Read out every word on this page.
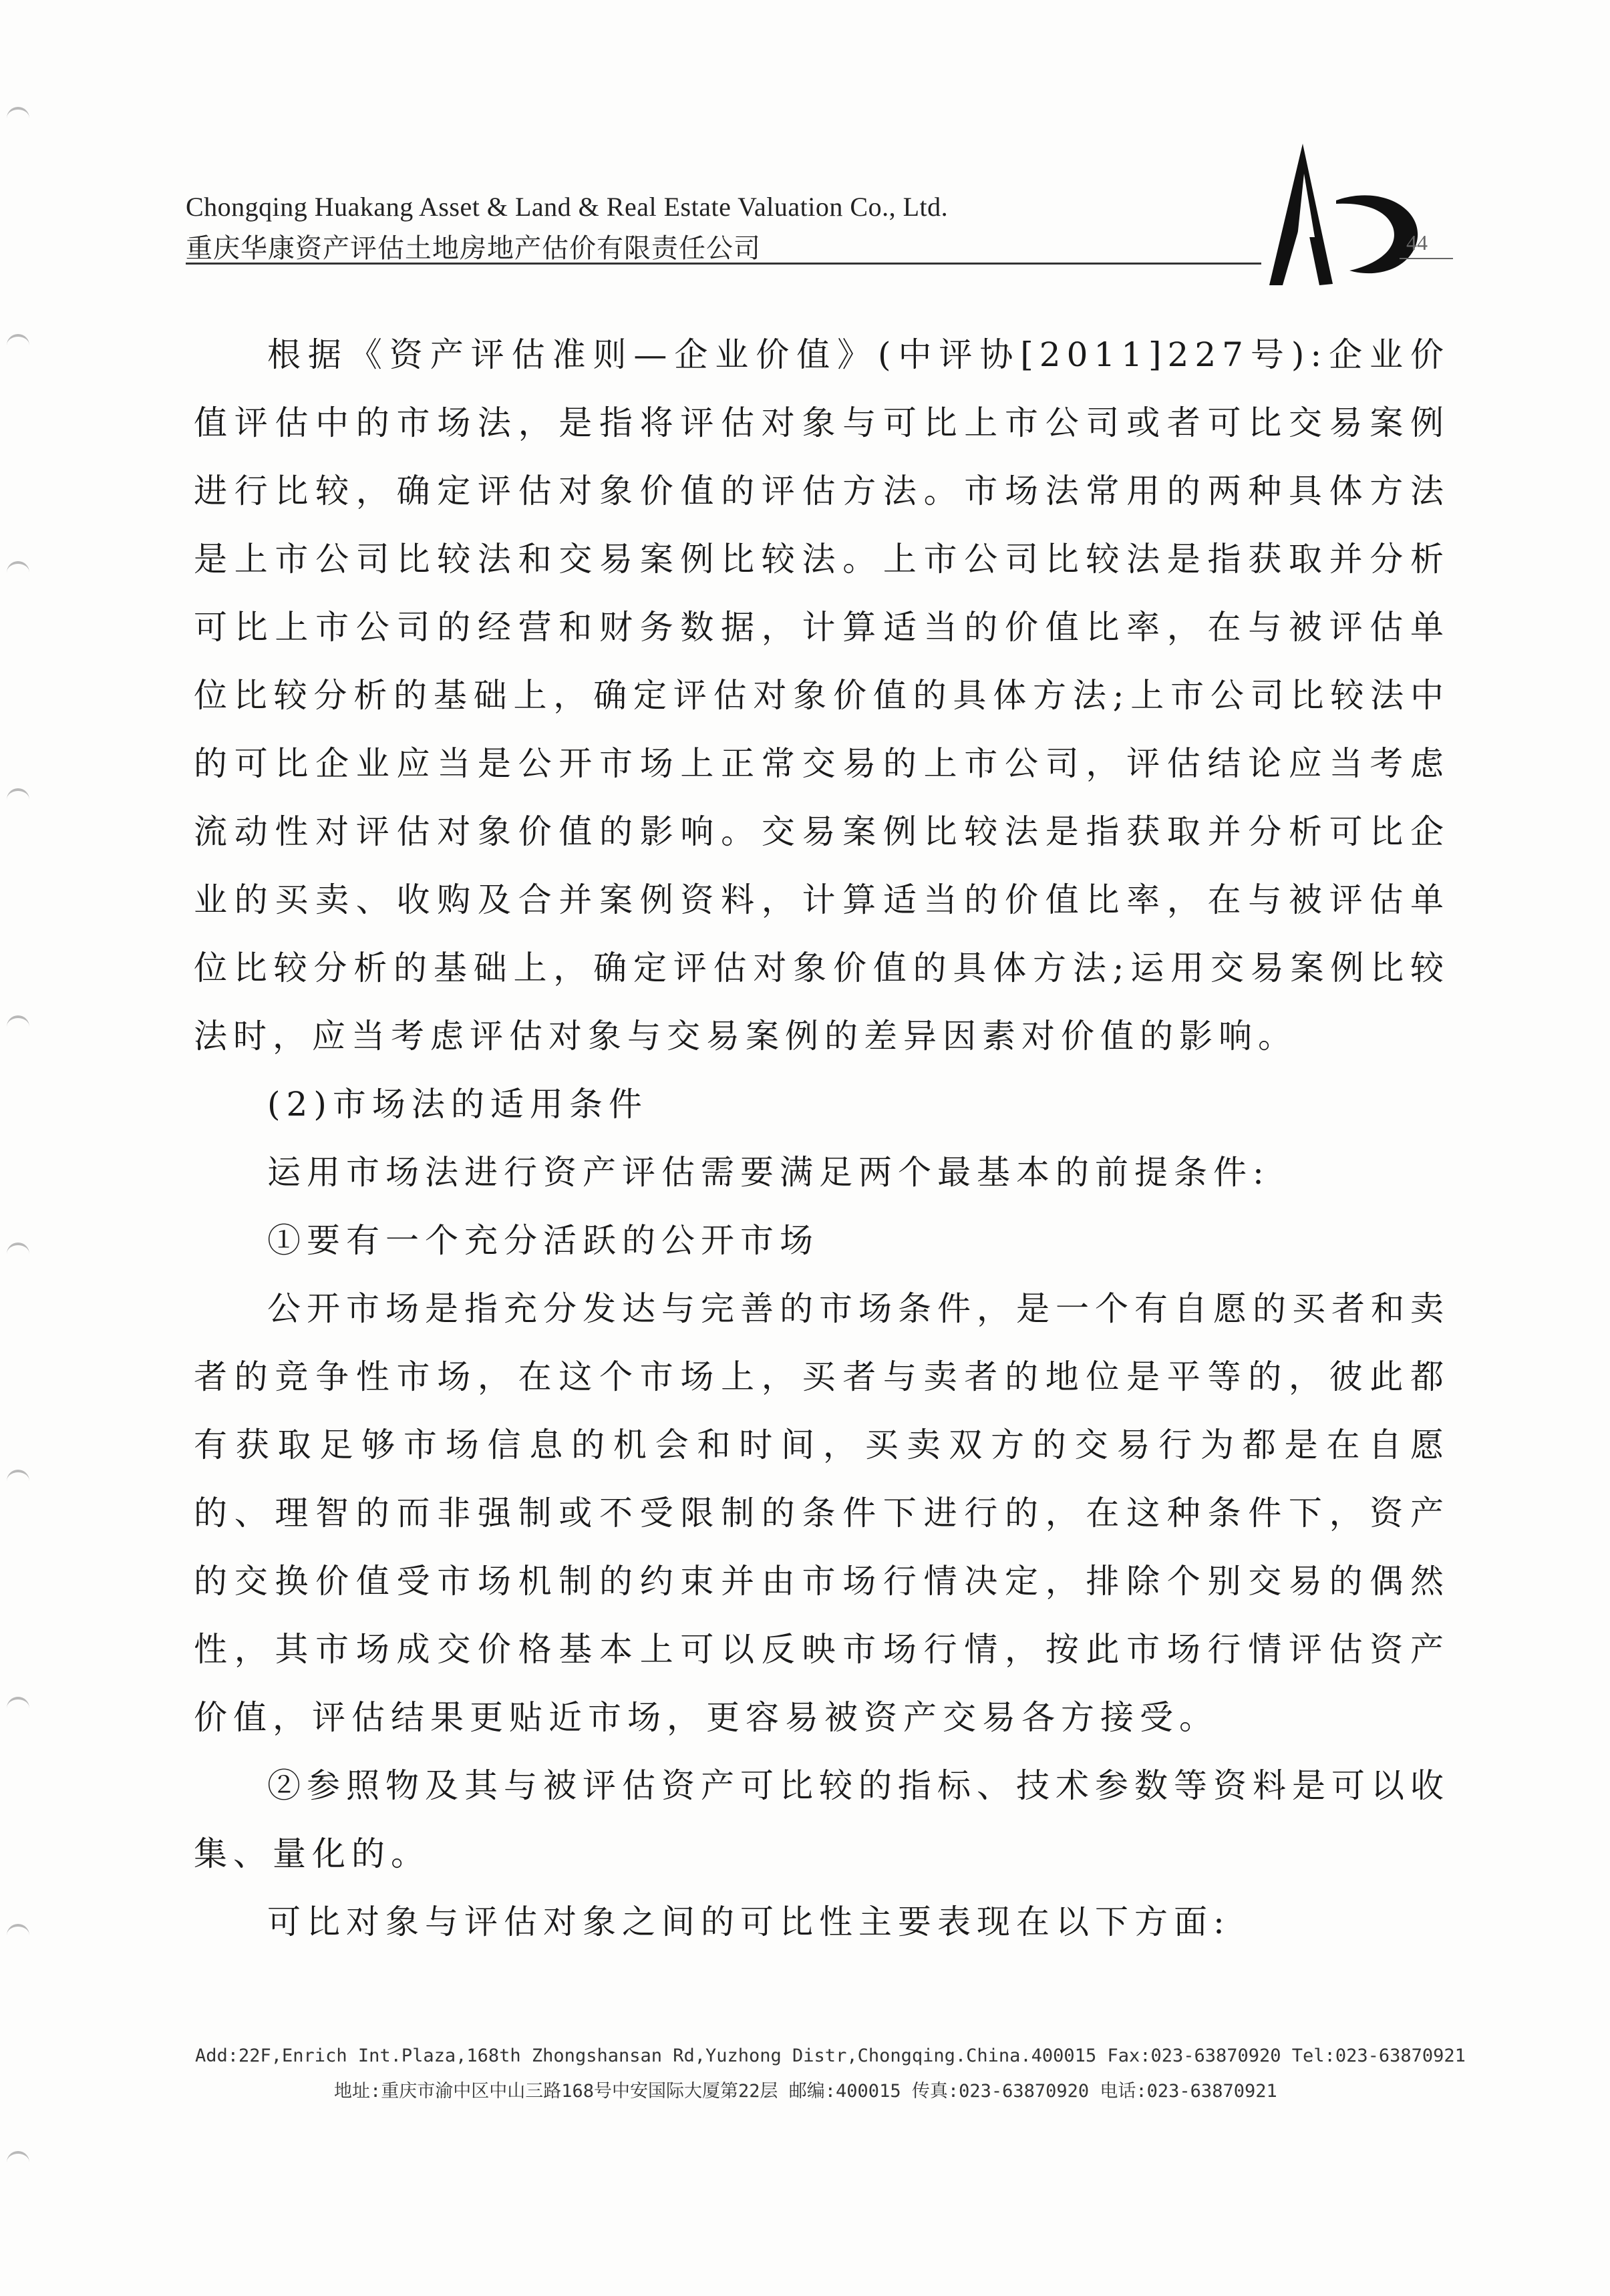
Chongqing Huakang Asset & Land & Real Estate Valuation Co., Ltd.
重庆华康资产评估土地房地产估价有限责任公司	44

根据《资产评估准则—企业价值》(中评协[2011]227号):企业价值评估中的市场法，是指将评估对象与可比上市公司或者可比交易案例进行比较，确定评估对象价值的评估方法。市场法常用的两种具体方法是上市公司比较法和交易案例比较法。上市公司比较法是指获取并分析可比上市公司的经营和财务数据，计算适当的价值比率，在与被评估单位比较分析的基础上，确定评估对象价值的具体方法;上市公司比较法中的可比企业应当是公开市场上正常交易的上市公司，评估结论应当考虑流动性对评估对象价值的影响。交易案例比较法是指获取并分析可比企业的买卖、收购及合并案例资料，计算适当的价值比率，在与被评估单位比较分析的基础上，确定评估对象价值的具体方法;运用交易案例比较法时，应当考虑评估对象与交易案例的差异因素对价值的影响。

(2)市场法的适用条件

运用市场法进行资产评估需要满足两个最基本的前提条件:

①要有一个充分活跃的公开市场

公开市场是指充分发达与完善的市场条件，是一个有自愿的买者和卖者的竞争性市场，在这个市场上，买者与卖者的地位是平等的，彼此都有获取足够市场信息的机会和时间，买卖双方的交易行为都是在自愿的、理智的而非强制或不受限制的条件下进行的，在这种条件下，资产的交换价值受市场机制的约束并由市场行情决定，排除个别交易的偶然性，其市场成交价格基本上可以反映市场行情，按此市场行情评估资产价值，评估结果更贴近市场，更容易被资产交易各方接受。

②参照物及其与被评估资产可比较的指标、技术参数等资料是可以收集、量化的。

可比对象与评估对象之间的可比性主要表现在以下方面:

Add:22F,Enrich Int.Plaza,168th Zhongshansan Rd,Yuzhong Distr,Chongqing.China.400015 Fax:023-63870920 Tel:023-63870921
地址:重庆市渝中区中山三路168号中安国际大厦第22层 邮编:400015 传真:023-63870920 电话:023-63870921
